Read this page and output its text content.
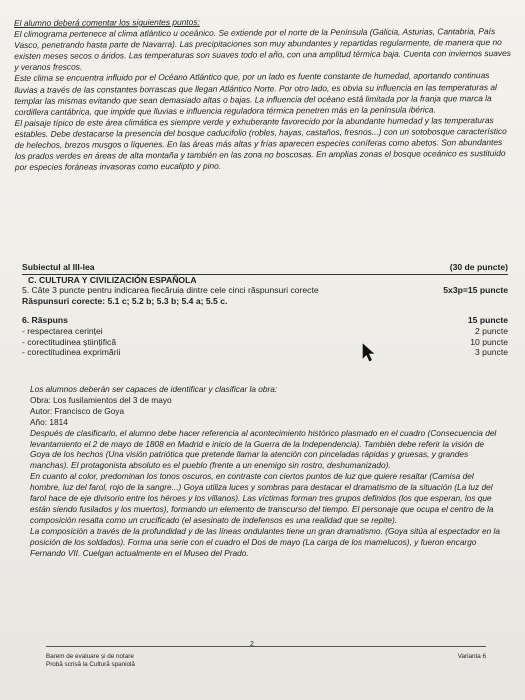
El alumno deberá comentar los siguientes puntos:

El climograma pertenece al clima atlántico u oceánico. Se extiende por el norte de la Península (Galicia, Asturias, Cantabria, País Vasco, penetrando hasta parte de Navarra). Las precipitaciones son muy abundantes y repartidas regularmente, de manera que no existen meses secos o áridos. Las temperaturas son suaves todo el año, con una amplitud térmica baja. Cuenta con inviernos suaves y veranos frescos.

Este clima se encuentra influido por el Océano Atlántico que, por un lado es fuente constante de humedad, aportando continuas lluvias a través de las constantes borrascas que llegan Atlántico Norte. Por otro lado, es obvia su influencia en las temperaturas al templar las mismas evitando que sean demasiado altas o bajas. La influencia del océano está limitada por la franja que marca la cordillera cantábrica, que impide que lluvias e influencia reguladora térmica penetren más en la península ibérica.

El paisaje típico de este área climática es siempre verde y exhuberante favorecido por la abundante humedad y las temperaturas estables. Debe destacarse la presencia del bosque caducifolio (robles, hayas, castaños, fresnos...) con un sotobosque característico de helechos, brezos musgos o líquenes. En las áreas más altas y frías aparecen especies coníferas como abetos. Son abundantes los prados verdes en áreas de alta montaña y también en las zona no boscosas. En amplias zonas el bosque oceánico es sustituido por especies foráneas invasoras como eucalipto y pino.

Subiectul al III-lea	(30 de puncte)
C. CULTURA Y CIVILIZACIÓN ESPAÑOLA
5. Câte 3 puncte pentru indicarea fiecăruia dintre cele cinci răspunsuri corecte	5x3p=15 puncte
Răspunsuri corecte: 5.1 c; 5.2 b; 5.3 b; 5.4 a; 5.5 c.
6. Răspuns
- respectarea cerinței
- corectitudinea științifică
- corectitudinea exprimării
15 puncte
2 puncte
10 puncte
3 puncte

Los alumnos deberán ser capaces de identificar y clasificar la obra:

Obra: Los fusilamientos del 3 de mayo

Autor: Francisco de Goya

Año: 1814

Después de clasificarlo, el alumno debe hacer referencia al acontecimiento histórico plasmado en el cuadro (Consecuencia del levantamiento el 2 de mayo de 1808 en Madrid e inicio de la Guerra de la Independencia). También debe referir la visión de Goya de los hechos (Una visión patriótica que pretende llamar la atención con pinceladas rápidas y gruesas, y grandes manchas). El protagonista absoluto es el pueblo (frente a un enemigo sin rostro, deshumanizado).

En cuanto al color, predominan los tonos oscuros, en contraste con ciertos puntos de luz que quiere resaltar (Camisa del hombre, luz del farol, rojo de la sangre...) Goya utiliza luces y sombras para destacar el dramatismo de la situación (La luz del farol hace de eje divisorio entre los héroes y los villanos). Las víctimas forman tres grupos definidos (los que esperan, los que están siendo fusilados y los muertos), formando un elemento de transcurso del tiempo. El personaje que ocupa el centro de la composición resalta como un crucificado (el asesinato de indefensos es una realidad que se repite).

La composición a través de la profundidad y de las líneas ondulantes tiene un gran dramatismo. (Goya sitúa al espectador en la posición de los soldados). Forma una serie con el cuadro el Dos de mayo (La carga de los mamelucos), y fueron encargo Fernando VII. Cuelgan actualmente en el Museo del Prado.

2
Barem de evaluare și de notare
Probă scrisă la Cultură spaniolă
Varianta 6
